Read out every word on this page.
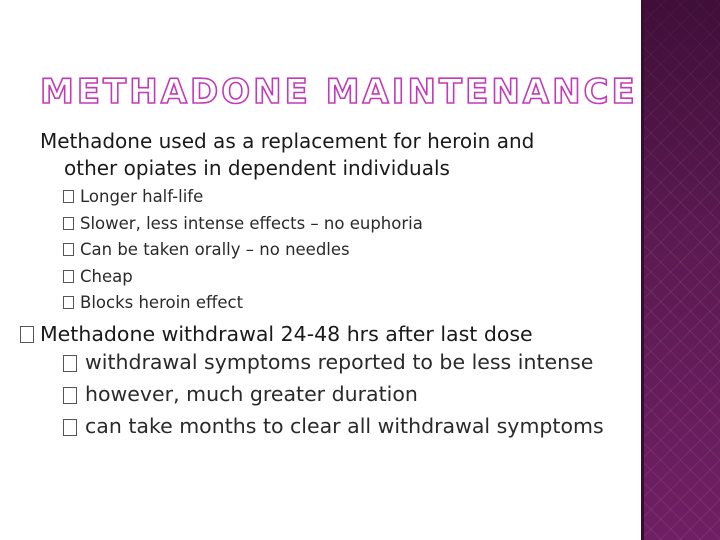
METHADONE MAINTENANCE
Methadone used as a replacement for heroin and
other opiates in dependent individuals
Longer half-life
Slower, less intense effects – no euphoria
Can be taken orally – no needles
Cheap
Blocks heroin effect
Methadone withdrawal 24-48 hrs after last dose
withdrawal symptoms reported to be less intense
however, much greater duration
can take months to clear all withdrawal symptoms
